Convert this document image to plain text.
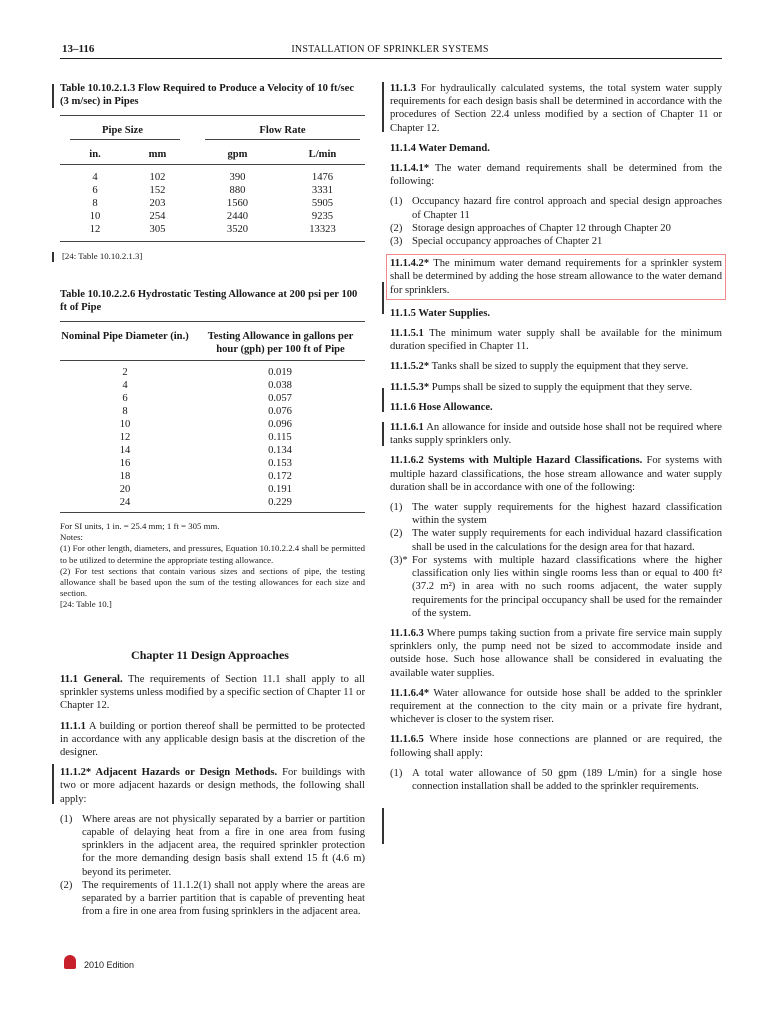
13–116	INSTALLATION OF SPRINKLER SYSTEMS
Table 10.10.2.1.3 Flow Required to Produce a Velocity of 10 ft/sec (3 m/sec) in Pipes
Pipe Size	Flow Rate
in.	mm	gpm	L/min
4	102	390	1476
6	152	880	3331
8	203	1560	5905
10	254	2440	9235
12	305	3520	13323
[24: Table 10.10.2.1.3]
Table 10.10.2.2.6 Hydrostatic Testing Allowance at 200 psi per 100 ft of Pipe
Nominal Pipe Diameter (in.)	Testing Allowance in gallons per hour (gph) per 100 ft of Pipe
2	0.019
4	0.038
6	0.057
8	0.076
10	0.096
12	0.115
14	0.134
16	0.153
18	0.172
20	0.191
24	0.229
For SI units, 1 in. = 25.4 mm; 1 ft = 305 mm.
Notes:

(1) For other length, diameters, and pressures, Equation 10.10.2.2.4 shall be permitted to be utilized to determine the appropriate testing allowance.

(2) For test sections that contain various sizes and sections of pipe, the testing allowance shall be based upon the sum of the testing allowances for each size and section.

[24: Table 10.]
Chapter 11 Design Approaches

11.1 General. The requirements of Section 11.1 shall apply to all sprinkler systems unless modified by a specific section of Chapter 11 or Chapter 12.

11.1.1 A building or portion thereof shall be permitted to be protected in accordance with any applicable design basis at the discretion of the designer.

11.1.2* Adjacent Hazards or Design Methods. For buildings with two or more adjacent hazards or design methods, the following shall apply:

(1) Where areas are not physically separated by a barrier or partition capable of delaying heat from a fire in one area from fusing sprinklers in the adjacent area, the required sprinkler protection for the more demanding design basis shall extend 15 ft (4.6 m) beyond its perimeter.
(2) The requirements of 11.1.2(1) shall not apply where the areas are separated by a barrier partition that is capable of preventing heat from a fire in one area from fusing sprinklers in the adjacent area.

11.1.3 For hydraulically calculated systems, the total system water supply requirements for each design basis shall be determined in accordance with the procedures of Section 22.4 unless modified by a section of Chapter 11 or Chapter 12.

11.1.4 Water Demand.

11.1.4.1* The water demand requirements shall be determined from the following:

(1) Occupancy hazard fire control approach and special design approaches of Chapter 11
(2) Storage design approaches of Chapter 12 through Chapter 20
(3) Special occupancy approaches of Chapter 21

11.1.4.2* The minimum water demand requirements for a sprinkler system shall be determined by adding the hose stream allowance to the water demand for sprinklers.

11.1.5 Water Supplies.

11.1.5.1 The minimum water supply shall be available for the minimum duration specified in Chapter 11.

11.1.5.2* Tanks shall be sized to supply the equipment that they serve.

11.1.5.3* Pumps shall be sized to supply the equipment that they serve.

11.1.6 Hose Allowance.

11.1.6.1 An allowance for inside and outside hose shall not be required where tanks supply sprinklers only.

11.1.6.2 Systems with Multiple Hazard Classifications. For systems with multiple hazard classifications, the hose stream allowance and water supply duration shall be in accordance with one of the following:

(1) The water supply requirements for the highest hazard classification within the system
(2) The water supply requirements for each individual hazard classification shall be used in the calculations for the design area for that hazard.
(3)* For systems with multiple hazard classifications where the higher classification only lies within single rooms less than or equal to 400 ft² (37.2 m²) in area with no such rooms adjacent, the water supply requirements for the principal occupancy shall be used for the remainder of the system.

11.1.6.3 Where pumps taking suction from a private fire service main supply sprinklers only, the pump need not be sized to accommodate inside and outside hose. Such hose allowance shall be considered in evaluating the available water supplies.

11.1.6.4* Water allowance for outside hose shall be added to the sprinkler requirement at the connection to the city main or a private fire hydrant, whichever is closer to the system riser.

11.1.6.5 Where inside hose connections are planned or are required, the following shall apply:

(1) A total water allowance of 50 gpm (189 L/min) for a single hose connection installation shall be added to the sprinkler requirements.
2010 Edition
